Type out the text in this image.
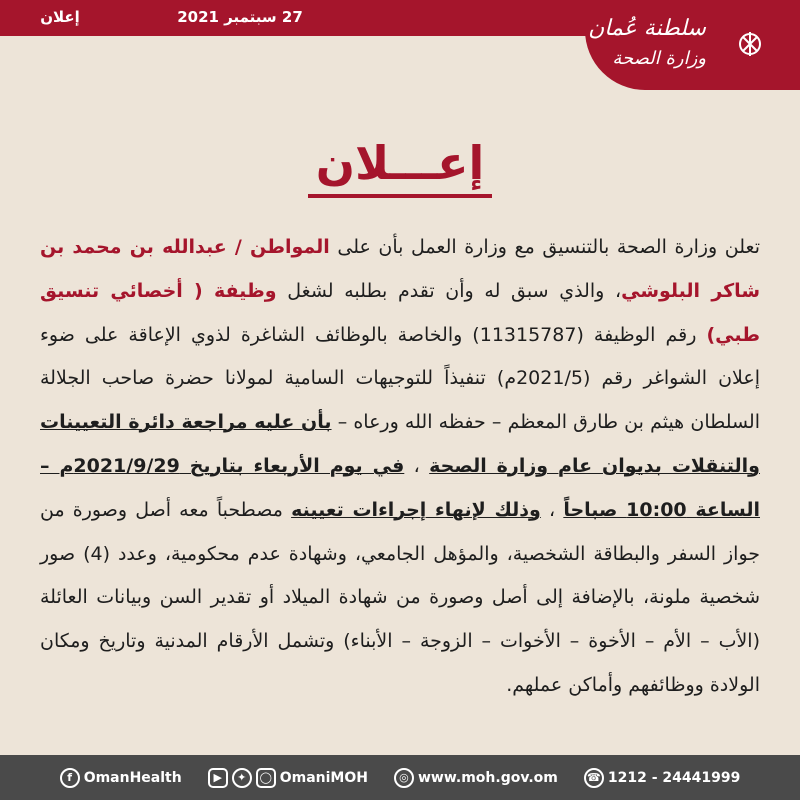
27 سبتمبر 2021
إعلان	سلطنة عُمان
وزارة الصحة
إعـــلان
تعلن وزارة الصحة بالتنسيق مع وزارة العمل بأن على المواطن / عبدالله بن محمد بن شاكر البلوشي، والذي سبق له وأن تقدم بطلبه لشغل وظيفة ( أخصائي تنسيق طبي) رقم الوظيفة (11315787) والخاصة بالوظائف الشاغرة لذوي الإعاقة على ضوء إعلان الشواغر رقم (2021/5م) تنفيذاً للتوجيهات السامية لمولانا حضرة صاحب الجلالة السلطان هيثم بن طارق المعظم – حفظه الله ورعاه – بأن عليه مراجعة دائرة التعيينات والتنقلات بديوان عام وزارة الصحة ، في يوم الأربعاء بتاريخ 2021/9/29م – الساعة 10:00 صباحاً ، وذلك لإنهاء إجراءات تعيينه مصطحباً معه أصل وصورة من جواز السفر والبطاقة الشخصية، والمؤهل الجامعي، وشهادة عدم محكومية، وعدد (4) صور شخصية ملونة، بالإضافة إلى أصل وصورة من شهادة الميلاد أو تقدير السن وبيانات العائلة (الأب – الأم – الأخوة – الأخوات – الزوجة – الأبناء) وتشمل الأرقام المدنية وتاريخ ومكان الولادة ووظائفهم وأماكن عملهم.
f OmanHealth	▶	✦	◯ OmaniMOH	◎ www.moh.gov.om	☎ 1212 - 24441999
